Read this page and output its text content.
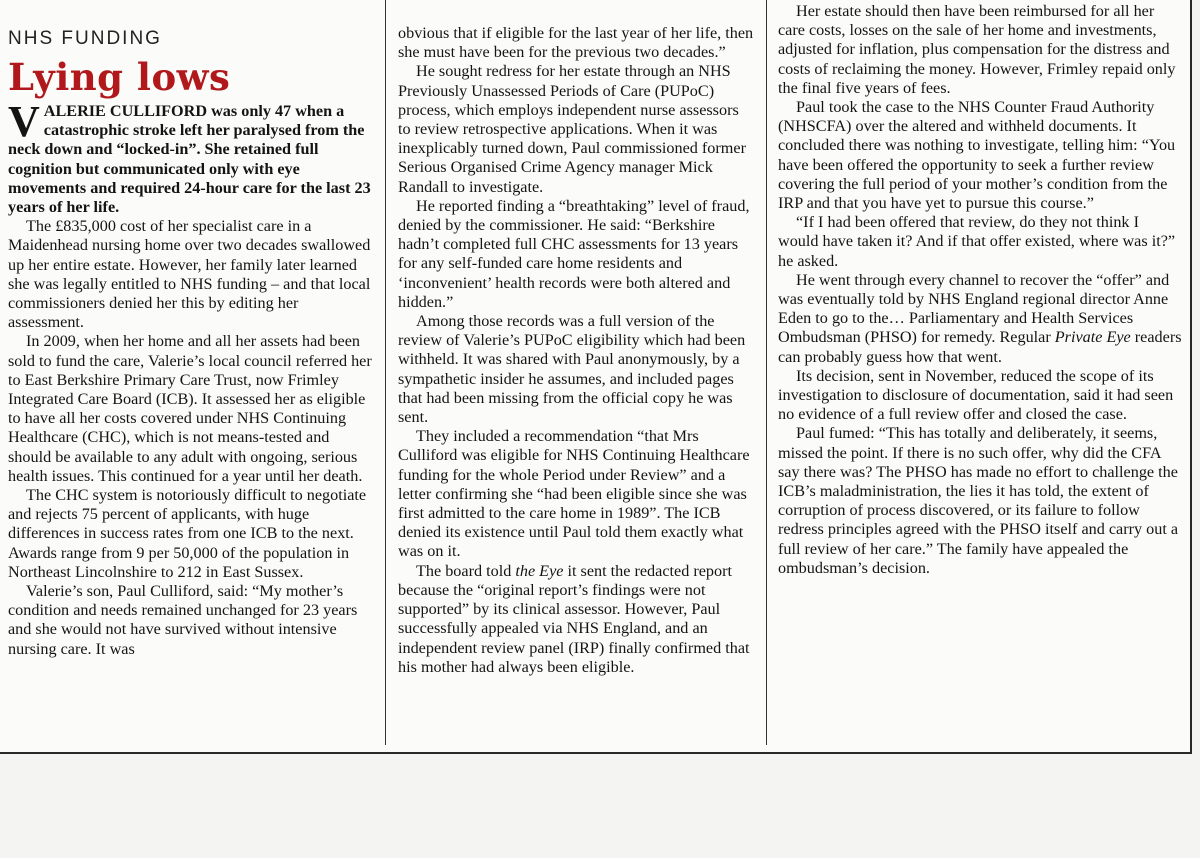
NHS FUNDING
Lying lows

VALERIE CULLIFORD was only 47 when a catastrophic stroke left her paralysed from the neck down and “locked-in”. She retained full cognition but communicated only with eye movements and required 24-hour care for the last 23 years of her life.

The £835,000 cost of her specialist care in a Maidenhead nursing home over two decades swallowed up her entire estate. However, her family later learned she was legally entitled to NHS funding – and that local commissioners denied her this by editing her assessment.

In 2009, when her home and all her assets had been sold to fund the care, Valerie’s local council referred her to East Berkshire Primary Care Trust, now Frimley Integrated Care Board (ICB). It assessed her as eligible to have all her costs covered under NHS Continuing Healthcare (CHC), which is not means-tested and should be available to any adult with ongoing, serious health issues. This continued for a year until her death.

The CHC system is notoriously difficult to negotiate and rejects 75 percent of applicants, with huge differences in success rates from one ICB to the next. Awards range from 9 per 50,000 of the population in Northeast Lincolnshire to 212 in East Sussex.

Valerie’s son, Paul Culliford, said: “My mother’s condition and needs remained unchanged for 23 years and she would not have survived without intensive nursing care. It was

obvious that if eligible for the last year of her life, then she must have been for the previous two decades.”

He sought redress for her estate through an NHS Previously Unassessed Periods of Care (PUPoC) process, which employs independent nurse assessors to review retrospective applications. When it was inexplicably turned down, Paul commissioned former Serious Organised Crime Agency manager Mick Randall to investigate.

He reported finding a “breathtaking” level of fraud, denied by the commissioner. He said: “Berkshire hadn’t completed full CHC assessments for 13 years for any self-funded care home residents and ‘inconvenient’ health records were both altered and hidden.”

Among those records was a full version of the review of Valerie’s PUPoC eligibility which had been withheld. It was shared with Paul anonymously, by a sympathetic insider he assumes, and included pages that had been missing from the official copy he was sent.

They included a recommendation “that Mrs Culliford was eligible for NHS Continuing Healthcare funding for the whole Period under Review” and a letter confirming she “had been eligible since she was first admitted to the care home in 1989”. The ICB denied its existence until Paul told them exactly what was on it.

The board told the Eye it sent the redacted report because the “original report’s findings were not supported” by its clinical assessor. However, Paul successfully appealed via NHS England, and an independent review panel (IRP) finally confirmed that his mother had always been eligible.

Her estate should then have been reimbursed for all her care costs, losses on the sale of her home and investments, adjusted for inflation, plus compensation for the distress and costs of reclaiming the money. However, Frimley repaid only the final five years of fees.

Paul took the case to the NHS Counter Fraud Authority (NHSCFA) over the altered and withheld documents. It concluded there was nothing to investigate, telling him: “You have been offered the opportunity to seek a further review covering the full period of your mother’s condition from the IRP and that you have yet to pursue this course.”

“If I had been offered that review, do they not think I would have taken it? And if that offer existed, where was it?” he asked.

He went through every channel to recover the “offer” and was eventually told by NHS England regional director Anne Eden to go to the… Parliamentary and Health Services Ombudsman (PHSO) for remedy. Regular Private Eye readers can probably guess how that went.

Its decision, sent in November, reduced the scope of its investigation to disclosure of documentation, said it had seen no evidence of a full review offer and closed the case.

Paul fumed: “This has totally and deliberately, it seems, missed the point. If there is no such offer, why did the CFA say there was? The PHSO has made no effort to challenge the ICB’s maladministration, the lies it has told, the extent of corruption of process discovered, or its failure to follow redress principles agreed with the PHSO itself and carry out a full review of her care.” The family have appealed the ombudsman’s decision.
